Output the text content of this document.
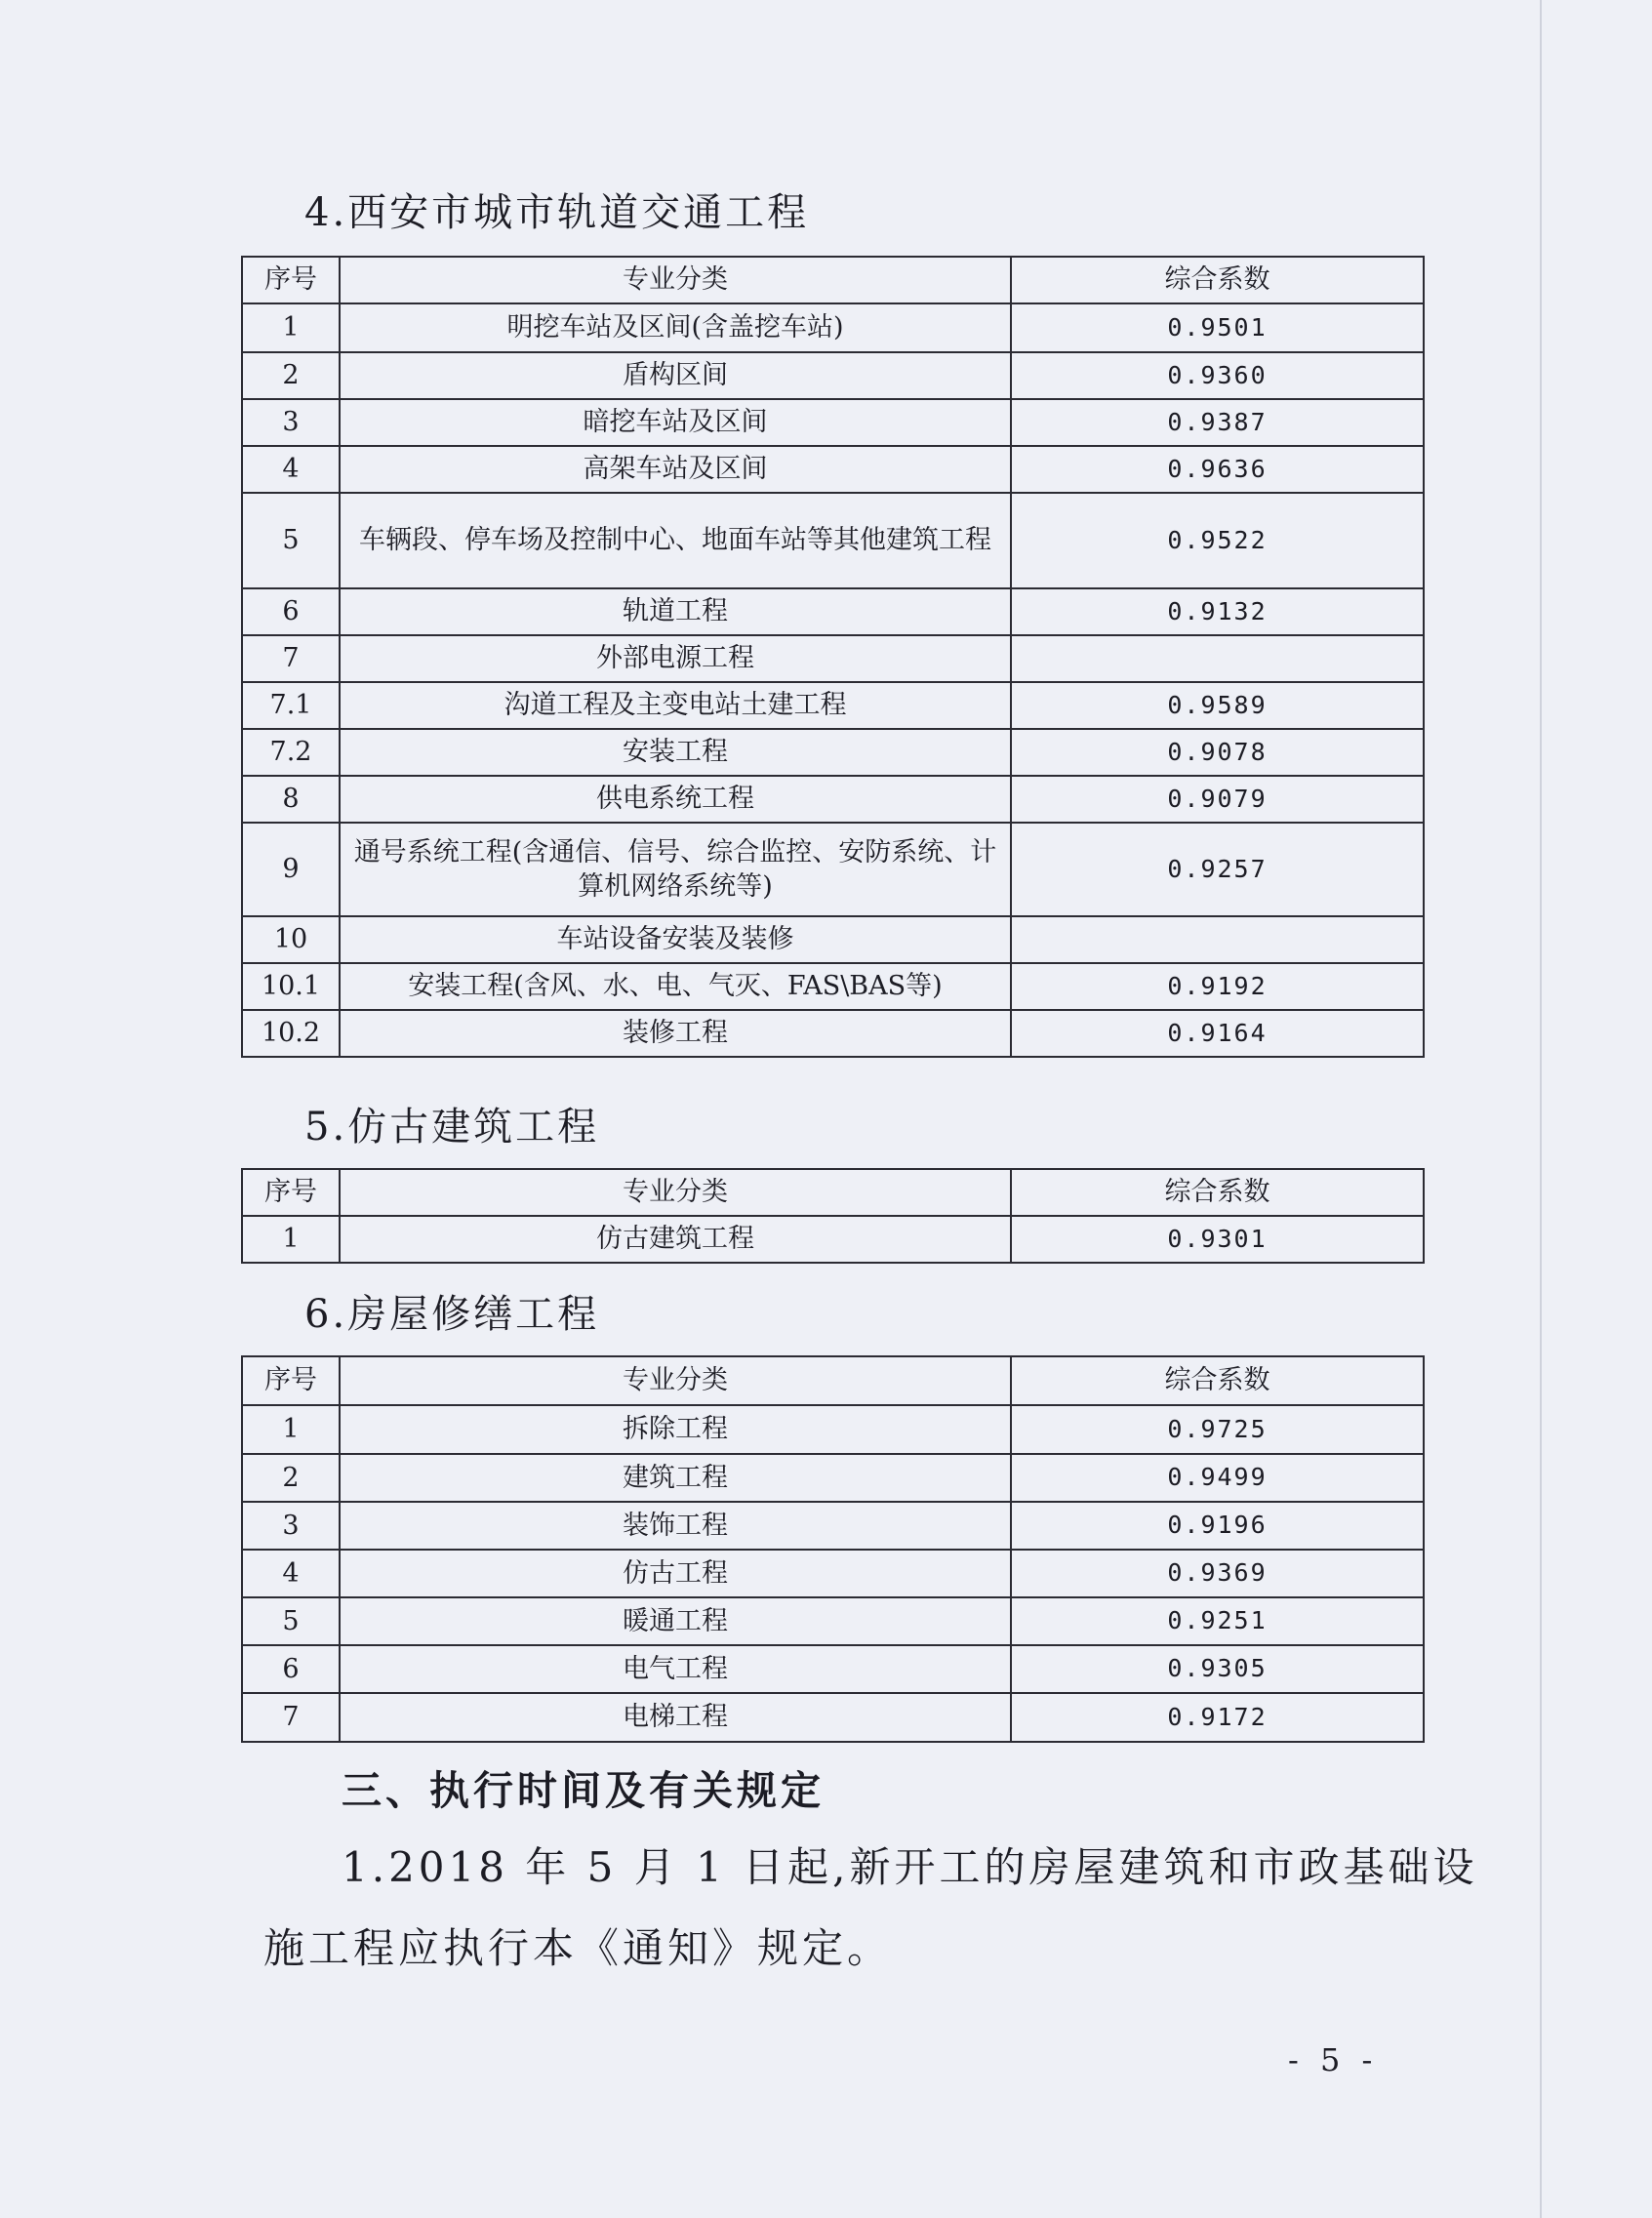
4.西安市城市轨道交通工程
序号	专业分类	综合系数
1	明挖车站及区间(含盖挖车站)	0.9501
2	盾构区间	0.9360
3	暗挖车站及区间	0.9387
4	高架车站及区间	0.9636
5	车辆段、停车场及控制中心、地面车站等其他建筑工程	0.9522
6	轨道工程	0.9132
7	外部电源工程	
7.1	沟道工程及主变电站土建工程	0.9589
7.2	安装工程	0.9078
8	供电系统工程	0.9079
9	通号系统工程(含通信、信号、综合监控、安防系统、计算机网络系统等)	0.9257
10	车站设备安装及装修	
10.1	安装工程(含风、水、电、气灭、FAS\BAS等)	0.9192
10.2	装修工程	0.9164
5.仿古建筑工程
序号	专业分类	综合系数
1	仿古建筑工程	0.9301
6.房屋修缮工程
序号	专业分类	综合系数
1	拆除工程	0.9725
2	建筑工程	0.9499
3	装饰工程	0.9196
4	仿古工程	0.9369
5	暖通工程	0.9251
6	电气工程	0.9305
7	电梯工程	0.9172
三、执行时间及有关规定

1.2018 年 5 月 1 日起,新开工的房屋建筑和市政基础设

施工程应执行本《通知》规定。

- 5 -
